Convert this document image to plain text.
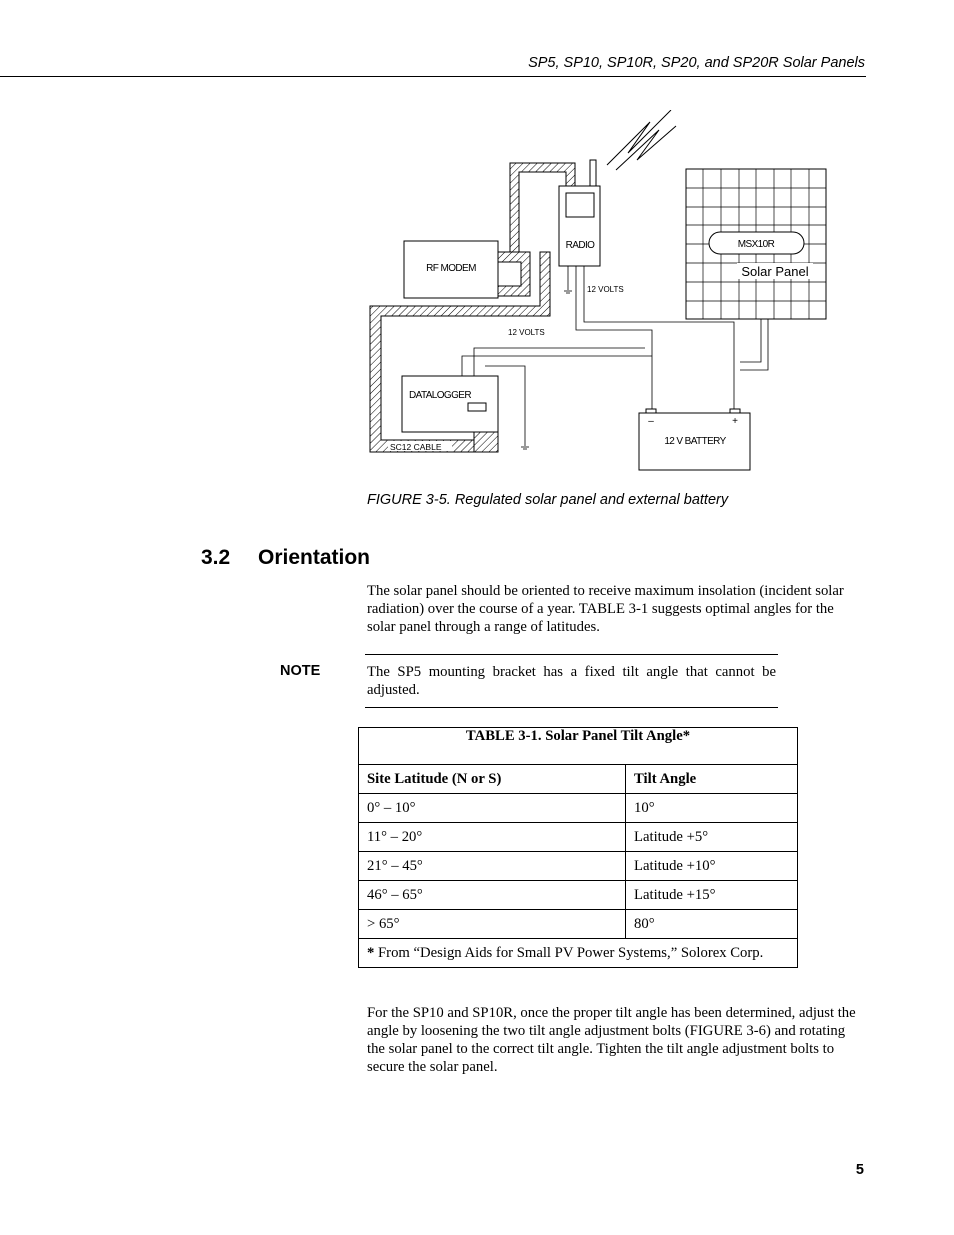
SP5, SP10, SP10R, SP20, and SP20R Solar Panels
RF MODEM
RADIO	MSX10R
Solar Panel
12 VOLTS
12 VOLTS
DATALOGGER
SC12 CABLE
–	+
12 V BATTERY
FIGURE 3-5. Regulated solar panel and external battery
3.2 Orientation
The solar panel should be oriented to receive maximum insolation (incident solar radiation) over the course of a year. TABLE 3-1 suggests optimal angles for the solar panel through a range of latitudes.
NOTE	The SP5 mounting bracket has a fixed tilt angle that cannot be adjusted.
TABLE 3-1. Solar Panel Tilt Angle*	
Site Latitude (N or S)	Tilt Angle
0° – 10°	10°
11° – 20°	Latitude +5°
21° – 45°	Latitude +10°
46° – 65°	Latitude +15°
> 65°	80°
* From “Design Aids for Small PV Power Systems,” Solorex Corp.	
For the SP10 and SP10R, once the proper tilt angle has been determined, adjust the angle by loosening the two tilt angle adjustment bolts (FIGURE 3-6) and rotating the solar panel to the correct tilt angle. Tighten the tilt angle adjustment bolts to secure the solar panel.
5
